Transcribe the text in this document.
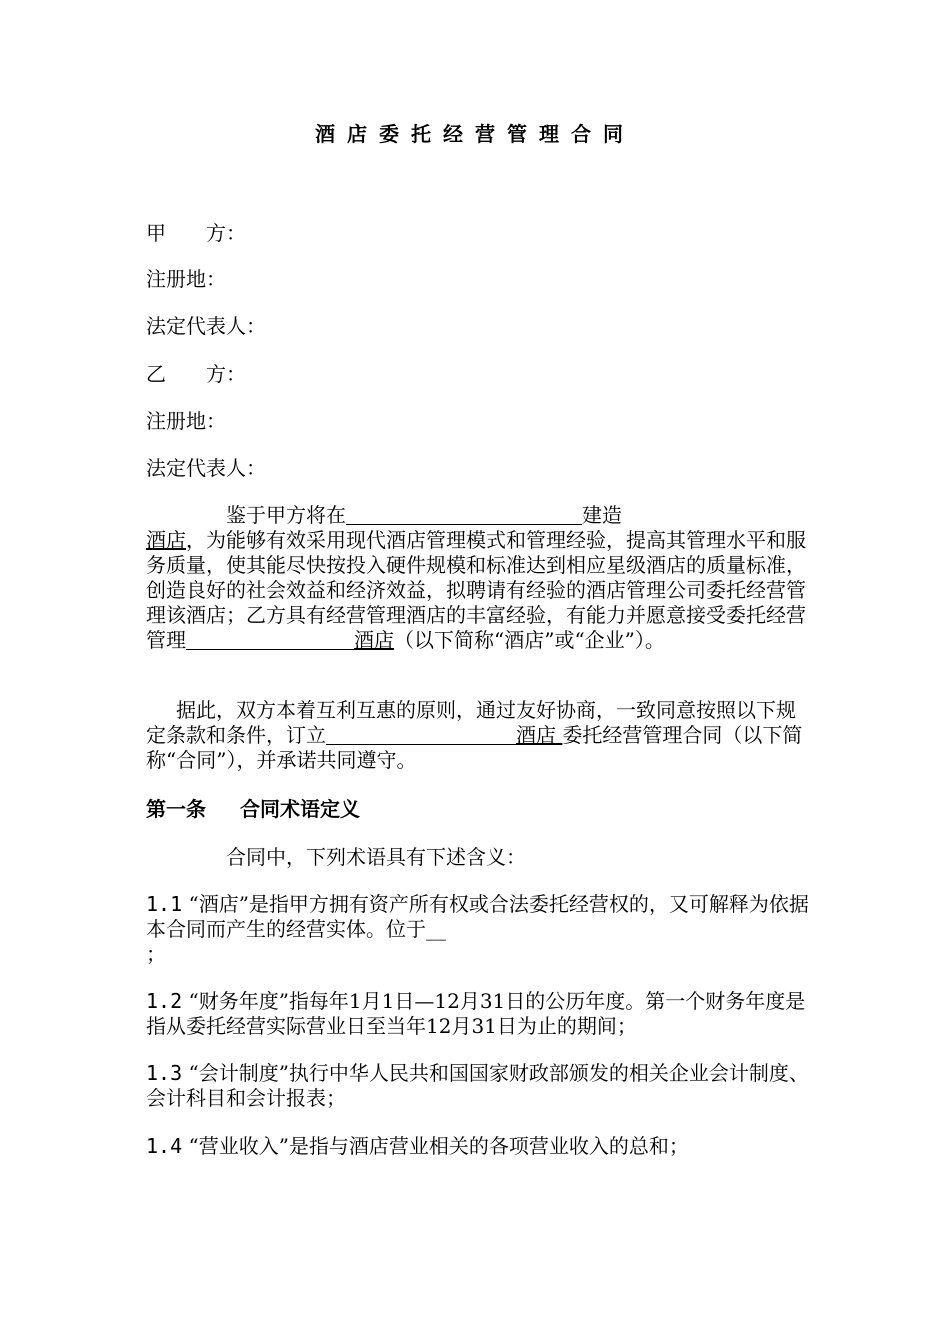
酒店委托经营管理合同

甲　　方：

注册地：

法定代表人：

乙　　方：

注册地：

法定代表人：

鉴于甲方将在	建造
酒店，为能够有效采用现代酒店管理模式和管理经验，提高其管理水平和服务质量，使其能尽快按投入硬件规模和标准达到相应星级酒店的质量标准，创造良好的社会效益和经济效益，拟聘请有经验的酒店管理公司委托经营管理该酒店；乙方具有经营管理酒店的丰富经验，有能力并愿意接受委托经营管理	酒店（以下简称“酒店”或“企业”）。

据此，双方本着互利互惠的原则，通过友好协商，一致同意按照以下规定条款和条件，订立	酒店 委托经营管理合同（以下简称“合同”），并承诺共同遵守。

第一条 合同术语定义

合同中，下列术语具有下述含义：

1.1 “酒店”是指甲方拥有资产所有权或合法委托经营权的，又可解释为依据本合同而产生的经营实体。位于__
；

1.2 “财务年度”指每年1月1日—12月31日的公历年度。第一个财务年度是指从委托经营实际营业日至当年12月31日为止的期间；

1.3 “会计制度”执行中华人民共和国国家财政部颁发的相关企业会计制度、会计科目和会计报表；

1.4 “营业收入”是指与酒店营业相关的各项营业收入的总和；
